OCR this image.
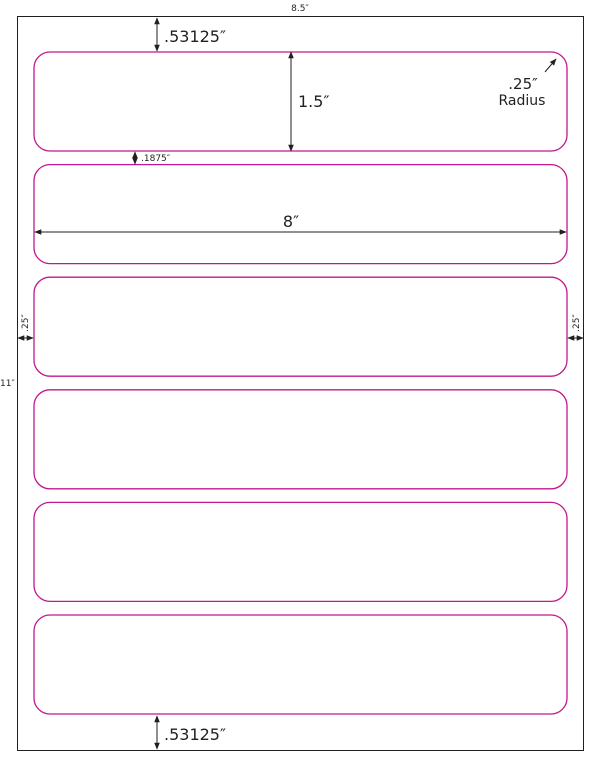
8.5″
11″
.53125″
1.5″
.25″
Radius
.1875″
8″
.25″	.25″
.53125″
